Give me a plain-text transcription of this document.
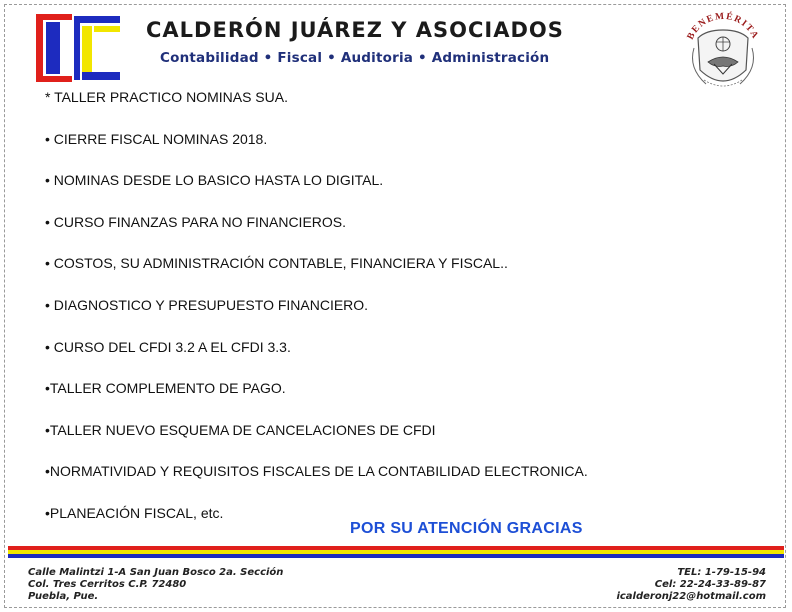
CALDERÓN JUÁREZ Y ASOCIADOS
Contabilidad • Fiscal • Auditoria • Administración
BENEMÉRITA
* TALLER PRACTICO NOMINAS SUA.
• CIERRE FISCAL NOMINAS 2018.
• NOMINAS DESDE LO BASICO HASTA LO DIGITAL.
• CURSO FINANZAS PARA NO FINANCIEROS.
• COSTOS, SU ADMINISTRACIÓN CONTABLE, FINANCIERA Y FISCAL..
• DIAGNOSTICO Y PRESUPUESTO FINANCIERO.
• CURSO DEL CFDI 3.2 A EL CFDI 3.3.
•TALLER COMPLEMENTO DE PAGO.
•TALLER NUEVO ESQUEMA DE CANCELACIONES DE CFDI
•NORMATIVIDAD Y REQUISITOS FISCALES DE LA CONTABILIDAD ELECTRONICA.
•PLANEACIÓN FISCAL, etc.
POR SU ATENCIÓN GRACIAS
Calle Malintzi 1-A San Juan Bosco 2a. Sección
Col. Tres Cerritos C.P. 72480
Puebla, Pue.
TEL: 1-79-15-94
Cel: 22-24-33-89-87
icalderonj22@hotmail.com
